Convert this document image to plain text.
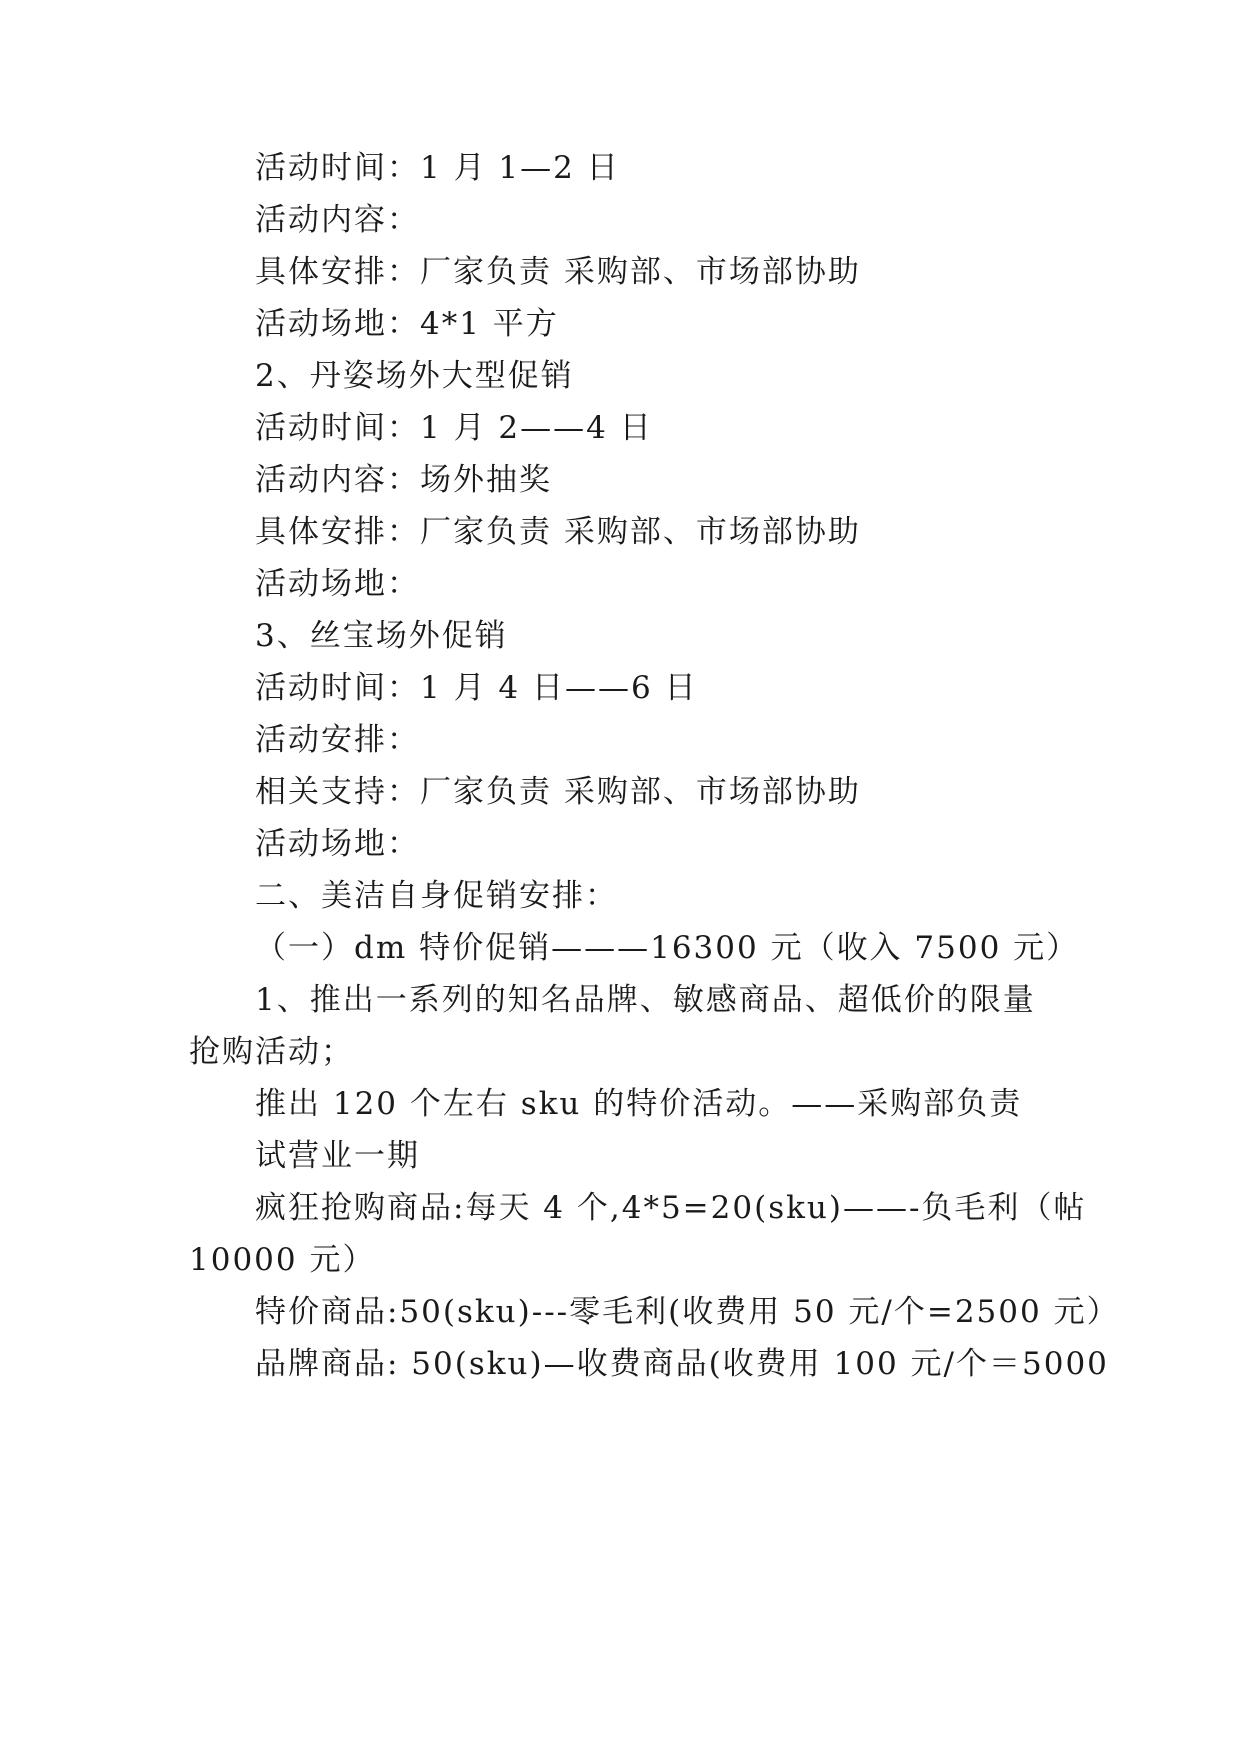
活动时间：1 月 1—2 日
活动内容：
具体安排：厂家负责 采购部、市场部协助
活动场地：4*1 平方
2、丹姿场外大型促销
活动时间：1 月 2——4 日
活动内容：场外抽奖
具体安排：厂家负责 采购部、市场部协助
活动场地：
3、丝宝场外促销
活动时间：1 月 4 日——6 日
活动安排：
相关支持：厂家负责 采购部、市场部协助
活动场地：
二、美洁自身促销安排：
（一）dm 特价促销———16300 元（收入 7500 元）
1、推出一系列的知名品牌、敏感商品、超低价的限量
抢购活动；
推出 120 个左右 sku 的特价活动。——采购部负责
试营业一期
疯狂抢购商品:每天 4 个,4*5=20(sku)——-负毛利（帖
10000 元）
特价商品:50(sku)---零毛利(收费用 50 元/个=2500 元）
品牌商品: 50(sku)—收费商品(收费用 100 元/个＝5000
